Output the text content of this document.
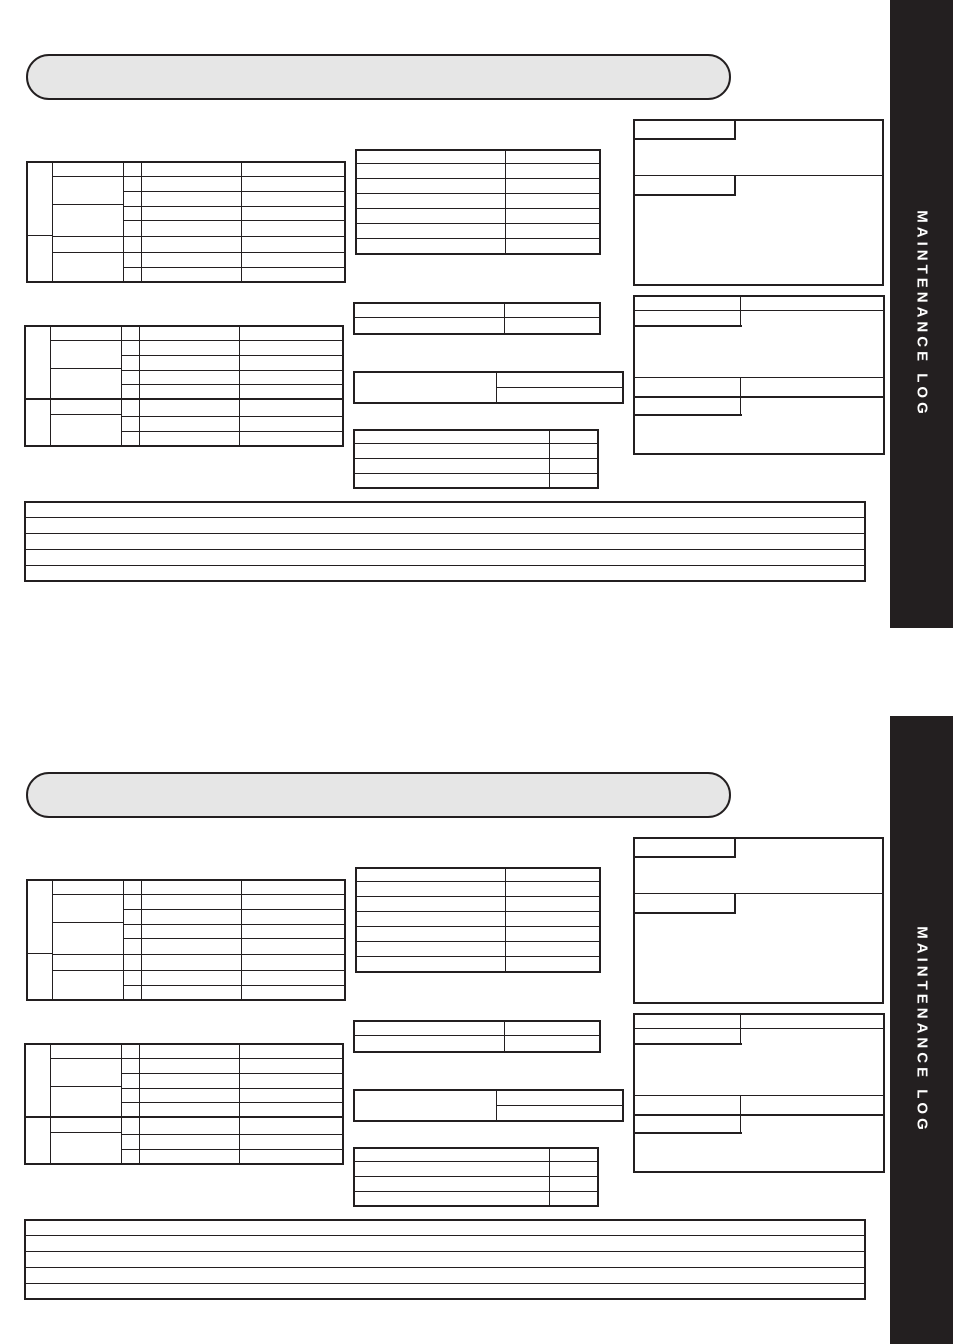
MAINTENANCE LOG
MAINTENANCE LOG
